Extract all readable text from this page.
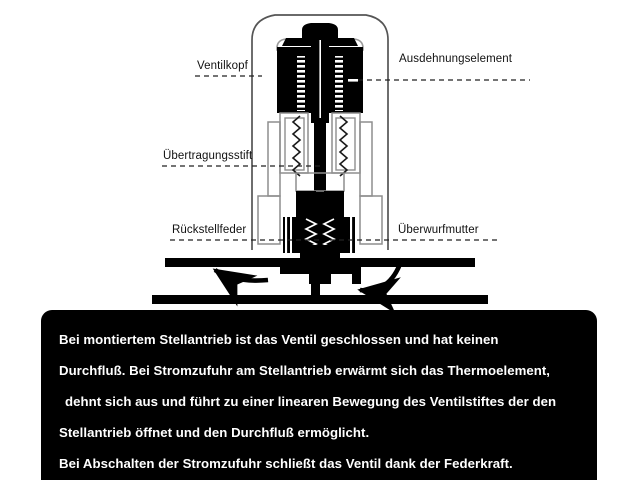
Ventilkopf
Ausdehnungselement
Übertragungsstift
Rückstellfeder	Überwurfmutter
Bei montiertem Stellantrieb ist das Ventil geschlossen und hat keinen
Durchfluß. Bei Stromzufuhr am Stellantrieb erwärmt sich das Thermoelement,
dehnt sich aus und führt zu einer linearen Bewegung des Ventilstiftes der den
Stellantrieb öffnet und den Durchfluß ermöglicht.
Bei Abschalten der Stromzufuhr schließt das Ventil dank der Federkraft.
